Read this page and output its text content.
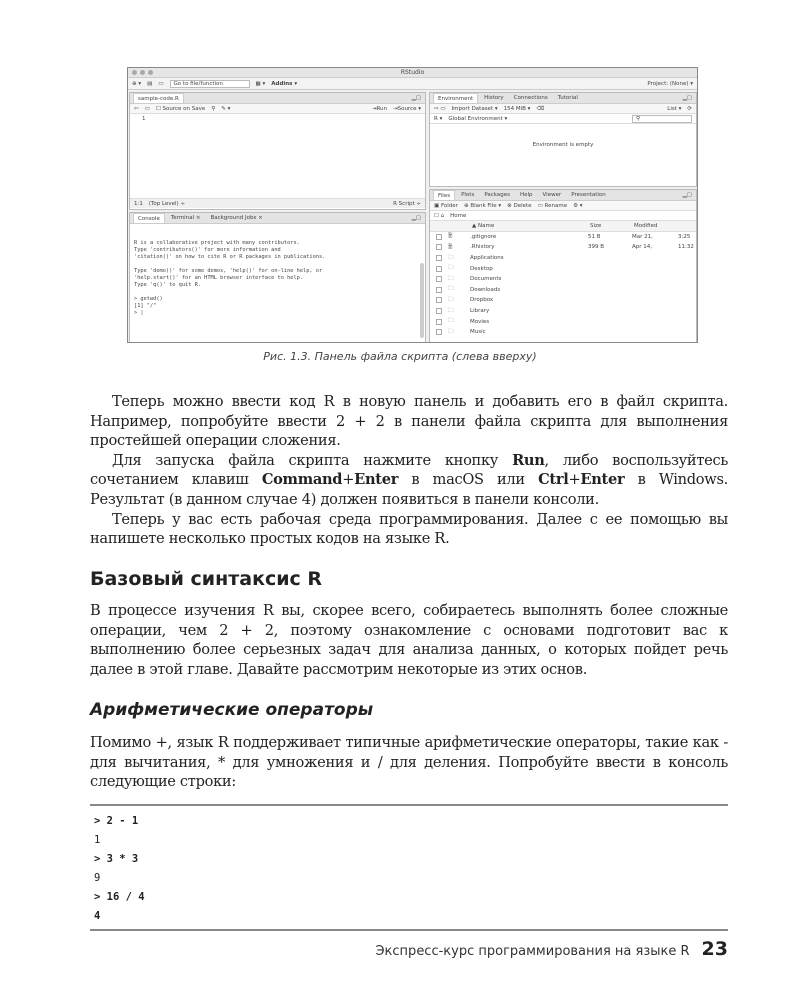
RStudio
⊕ ▾ ▤ ▭	Go to file/function	▦ ▾ Addins ▾	Project: (None) ▾
sample-code.R	▁▢
⇦ ▭ ☐ Source on Save ⚲ ✎ ▾	⇥Run ⇥Source ▾
1
1:1 (Top Level) ÷	R Script ÷
Console	Terminal ×	Background Jobs ×	▁▢
R is a collaborative project with many contributors.
Type 'contributors()' for more information and
'citation()' on how to cite R or R packages in publications.

Type 'demo()' for some demos, 'help()' for on-line help, or
'help.start()' for an HTML browser interface to help.
Type 'q()' to quit R.

> getwd()
[1] "/"
> |
Environment	History	Connections	Tutorial	▁▢
⇨ ▭ Import Dataset ▾ 154 MiB ▾ ⌫	List ▾ ⟳
R ▾ Global Environment ▾	⚲
Environment is empty
Files	Plots	Packages	Help	Viewer	Presentation	▁▢
▣ Folder ⊕ Blank File ▾ ⊗ Delete ▭ Rename ⚙ ▾
☐ ⌂ Home
▲ Name	Size	Modified
🗎	.gitignore	51 B	Mar 21,	3:25
🗎	.Rhistory	399 B	Apr 14,	11:32
🗀	Applications
🗀	Desktop
🗀	Documents
🗀	Downloads
🗀	Dropbox
🗀	Library
🗀	Movies
🗀	Music
Рис. 1.3. Панель файла скрипта (слева вверху)

Теперь можно ввести код R в новую панель и добавить его в файл скрипта. Например, попробуйте ввести 2 + 2 в панели файла скрипта для выполнения простейшей операции сложения.

Для запуска файла скрипта нажмите кнопку Run, либо воспользуйтесь сочетанием клавиш Command+Enter в macOS или Ctrl+Enter в Windows. Результат (в данном случае 4) должен появиться в панели консоли.

Теперь у вас есть рабочая среда программирования. Далее с ее помощью вы напишете несколько простых кодов на языке R.

Базовый синтаксис R

В процессе изучения R вы, скорее всего, собираетесь выполнять более сложные операции, чем 2 + 2, поэтому ознакомление с основами подготовит вас к выполнению более серьезных задач для анализа данных, о которых пойдет речь далее в этой главе. Давайте рассмотрим некоторые из этих основ.

Арифметические операторы

Помимо +, язык R поддерживает типичные арифметические операторы, такие как - для вычитания, * для умножения и / для деления. Попробуйте ввести в консоль следующие строки:

> 2 - 1
1
> 3 * 3
9
> 16 / 4
4
Экспресс-курс программирования на языке R 23
